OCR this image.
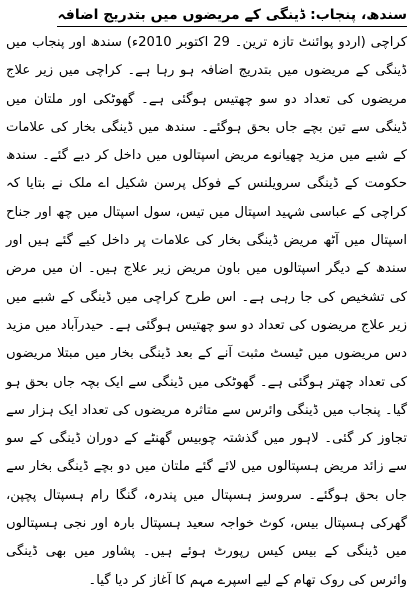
سندھ، پنجاب: ڈینگی کے مریضوں میں بتدریج اضافہ

کراچی (اردو پوائنٹ تازہ ترین۔ 29 اکتوبر 2010ء) سندھ اور پنجاب میں ڈینگی کے مریضوں میں بتدریج اضافہ ہو رہا ہے۔ کراچی میں زیر علاج مریضوں کی تعداد دو سو چھتیس ہوگئی ہے۔ گھوٹکی اور ملتان میں ڈینگی سے تین بچے جاں بحق ہوگئے۔ سندھ میں ڈینگی بخار کی علامات کے شبے میں مزید چھیانوے مریض اسپتالوں میں داخل کر دیے گئے۔ سندھ حکومت کے ڈینگی سرویلنس کے فوکل پرسن شکیل اے ملک نے بتایا کہ کراچی کے عباسی شہید اسپتال میں تیس، سول اسپتال میں چھ اور جناح اسپتال میں آٹھ مریض ڈینگی بخار کی علامات پر داخل کیے گئے ہیں اور سندھ کے دیگر اسپتالوں میں باون مریض زیر علاج ہیں۔ ان میں مرض کی تشخیص کی جا رہی ہے۔ اس طرح کراچی میں ڈینگی کے شبے میں زیر علاج مریضوں کی تعداد دو سو چھتیس ہوگئی ہے۔ حیدرآباد میں مزید دس مریضوں میں ٹیسٹ مثبت آنے کے بعد ڈینگی بخار میں مبتلا مریضوں کی تعداد چھتر ہوگئی ہے۔ گھوٹکی میں ڈینگی سے ایک بچہ جاں بحق ہو گیا۔ پنجاب میں ڈینگی وائرس سے متاثرہ مریضوں کی تعداد ایک ہزار سے تجاوز کر گئی۔ لاہور میں گذشتہ چوبیس گھنٹے کے دوران ڈینگی کے سو سے زائد مریض ہسپتالوں میں لائے گئے ملتان میں دو بچے ڈینگی بخار سے جاں بحق ہوگئے۔ سروسز ہسپتال میں پندرہ، گنگا رام ہسپتال پچپن، گھرکی ہسپتال بیس، کوٹ خواجہ سعید ہسپتال بارہ اور نجی ہسپتالوں میں ڈینگی کے بیس کیس رپورٹ ہوئے ہیں۔ پشاور میں بھی ڈینگی وائرس کی روک تھام کے لیے اسپرے مہم کا آغاز کر دیا گیا۔
